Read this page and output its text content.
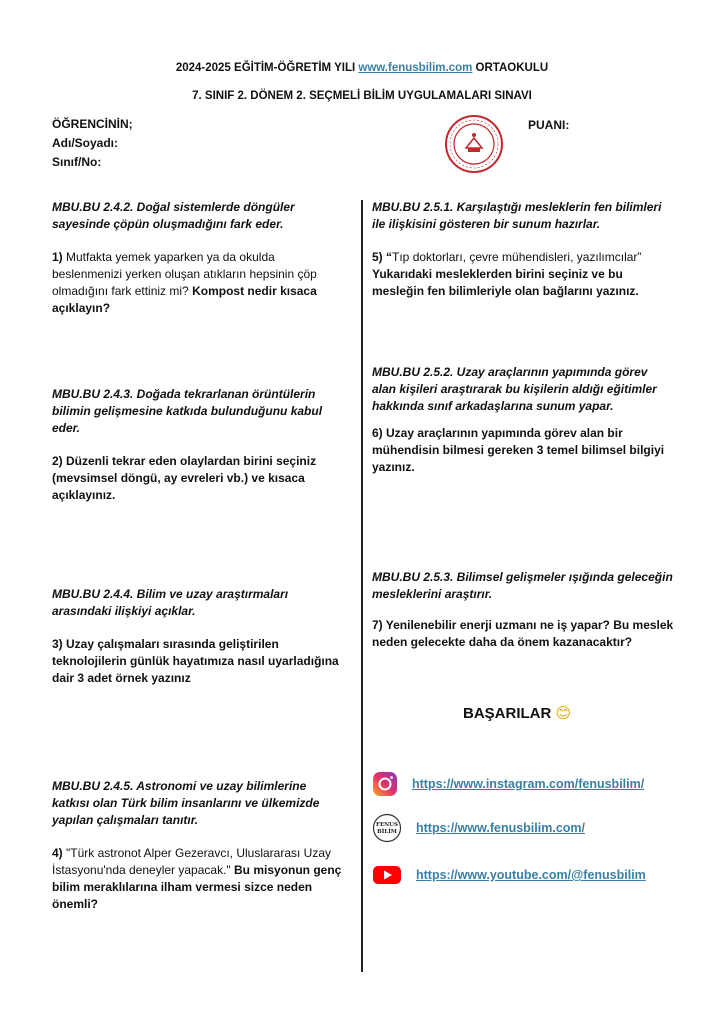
2024-2025 EĞİTİM-ÖĞRETİM YILI www.fenusbilim.com ORTAOKULU
7. SINIF 2. DÖNEM 2. SEÇMELİ BİLİM UYGULAMALARI SINAVI
ÖĞRENCİNİN;
Adı/Soyadı:
Sınıf/No:
PUANI:
MBU.BU 2.4.2. Doğal sistemlerde döngüler sayesinde çöpün oluşmadığını fark eder.
1) Mutfakta yemek yaparken ya da okulda beslenmenizi yerken oluşan atıkların hepsinin çöp olmadığını fark ettiniz mi? Kompost nedir kısaca açıklayın?
MBU.BU 2.4.3. Doğada tekrarlanan örüntülerin bilimin gelişmesine katkıda bulunduğunu kabul eder.
2) Düzenli tekrar eden olaylardan birini seçiniz (mevsimsel döngü, ay evreleri vb.) ve kısaca açıklayınız.
MBU.BU 2.4.4. Bilim ve uzay araştırmaları arasındaki ilişkiyi açıklar.
3) Uzay çalışmaları sırasında geliştirilen teknolojilerin günlük hayatımıza nasıl uyarladığına dair 3 adet örnek yazınız
MBU.BU 2.4.5. Astronomi ve uzay bilimlerine katkısı olan Türk bilim insanlarını ve ülkemizde yapılan çalışmaları tanıtır.
4) "Türk astronot Alper Gezeravcı, Uluslararası Uzay İstasyonu'nda deneyler yapacak." Bu misyonun genç bilim meraklılarına ilham vermesi sizce neden önemli?
MBU.BU 2.5.1. Karşılaştığı mesleklerin fen bilimleri ile ilişkisini gösteren bir sunum hazırlar.
5) “Tıp doktorları, çevre mühendisleri, yazılımcılar” Yukarıdaki mesleklerden birini seçiniz ve bu mesleğin fen bilimleriyle olan bağlarını yazınız.
MBU.BU 2.5.2. Uzay araçlarının yapımında görev alan kişileri araştırarak bu kişilerin aldığı eğitimler hakkında sınıf arkadaşlarına sunum yapar.
6) Uzay araçlarının yapımında görev alan bir mühendisin bilmesi gereken 3 temel bilimsel bilgiyi yazınız.
MBU.BU 2.5.3. Bilimsel gelişmeler ışığında geleceğin mesleklerini araştırır.
7) Yenilenebilir enerji uzmanı ne iş yapar? Bu meslek neden gelecekte daha da önem kazanacaktır?
BAŞARILAR 😊
https://www.instagram.com/fenusbilim/
FENUS
BİLİM https://www.fenusbilim.com/
https://www.youtube.com/@fenusbilim
